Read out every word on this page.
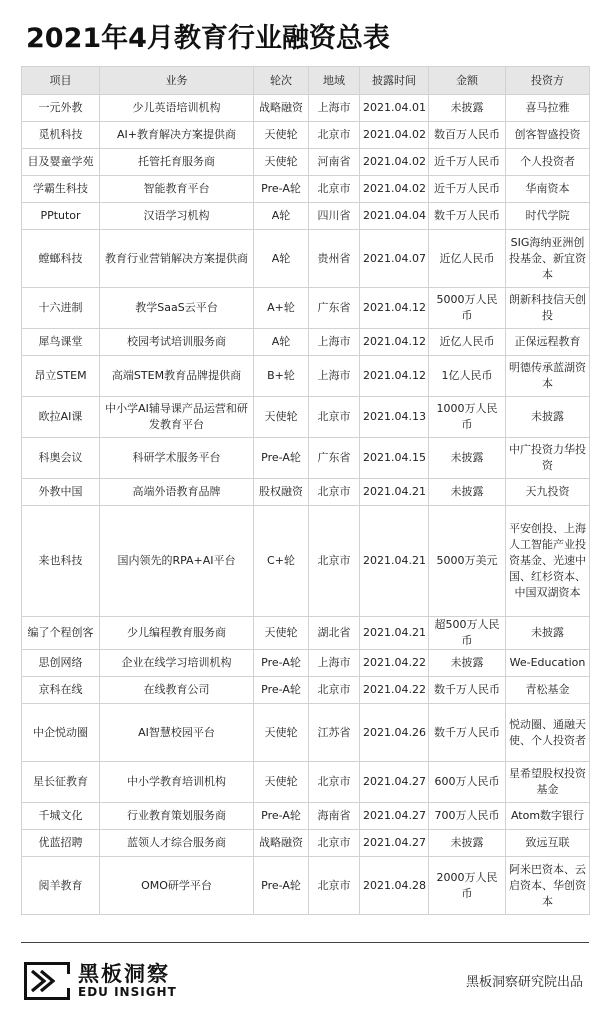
2021年4月教育行业融资总表
项目	业务	轮次	地域	披露时间	金额	投资方
一元外教	少儿英语培训机构	战略融资	上海市	2021.04.01	未披露	喜马拉雅
觅机科技	AI+教育解决方案提供商	天使轮	北京市	2021.04.02	数百万人民币	创客智盛投资
目及婴童学苑	托管托育服务商	天使轮	河南省	2021.04.02	近千万人民币	个人投资者
学霸生科技	智能教育平台	Pre-A轮	北京市	2021.04.02	近千万人民币	华南资本
PPtutor	汉语学习机构	A轮	四川省	2021.04.04	数千万人民币	时代学院
螳螂科技	教育行业营销解决方案提供商	A轮	贵州省	2021.04.07	近亿人民币	SIG海纳亚洲创投基金、新宜资本
十六进制	教学SaaS云平台	A+轮	广东省	2021.04.12	5000万人民币	朗新科技信天创投
犀鸟课堂	校园考试培训服务商	A轮	上海市	2021.04.12	近亿人民币	正保远程教育
昂立STEM	高端STEM教育品牌提供商	B+轮	上海市	2021.04.12	1亿人民币	明德传承蓝湖资本
欧拉AI课	中小学AI辅导课产品运营和研发教育平台	天使轮	北京市	2021.04.13	1000万人民币	未披露
科奥会议	科研学术服务平台	Pre-A轮	广东省	2021.04.15	未披露	中广投资力华投资
外教中国	高端外语教育品牌	股权融资	北京市	2021.04.21	未披露	天九投资
来也科技	国内领先的RPA+AI平台	C+轮	北京市	2021.04.21	5000万美元	平安创投、上海人工智能产业投资基金、光速中国、红杉资本、中国双湖资本
编了个程创客	少儿编程教育服务商	天使轮	湖北省	2021.04.21	超500万人民币	未披露
思创网络	企业在线学习培训机构	Pre-A轮	上海市	2021.04.22	未披露	We-Education
京科在线	在线教育公司	Pre-A轮	北京市	2021.04.22	数千万人民币	青松基金
中企悦动圈	AI智慧校园平台	天使轮	江苏省	2021.04.26	数千万人民币	悦动圈、通融天使、个人投资者
星长征教育	中小学教育培训机构	天使轮	北京市	2021.04.27	600万人民币	星希望股权投资基金
千城文化	行业教育策划服务商	Pre-A轮	海南省	2021.04.27	700万人民币	Atom数字银行
优蓝招聘	蓝领人才综合服务商	战略融资	北京市	2021.04.27	未披露	致远互联
阅羊教育	OMO研学平台	Pre-A轮	北京市	2021.04.28	2000万人民币	阿米巴资本、云启资本、华创资本
黑板洞察
EDU INSIGHT
黑板洞察研究院出品
